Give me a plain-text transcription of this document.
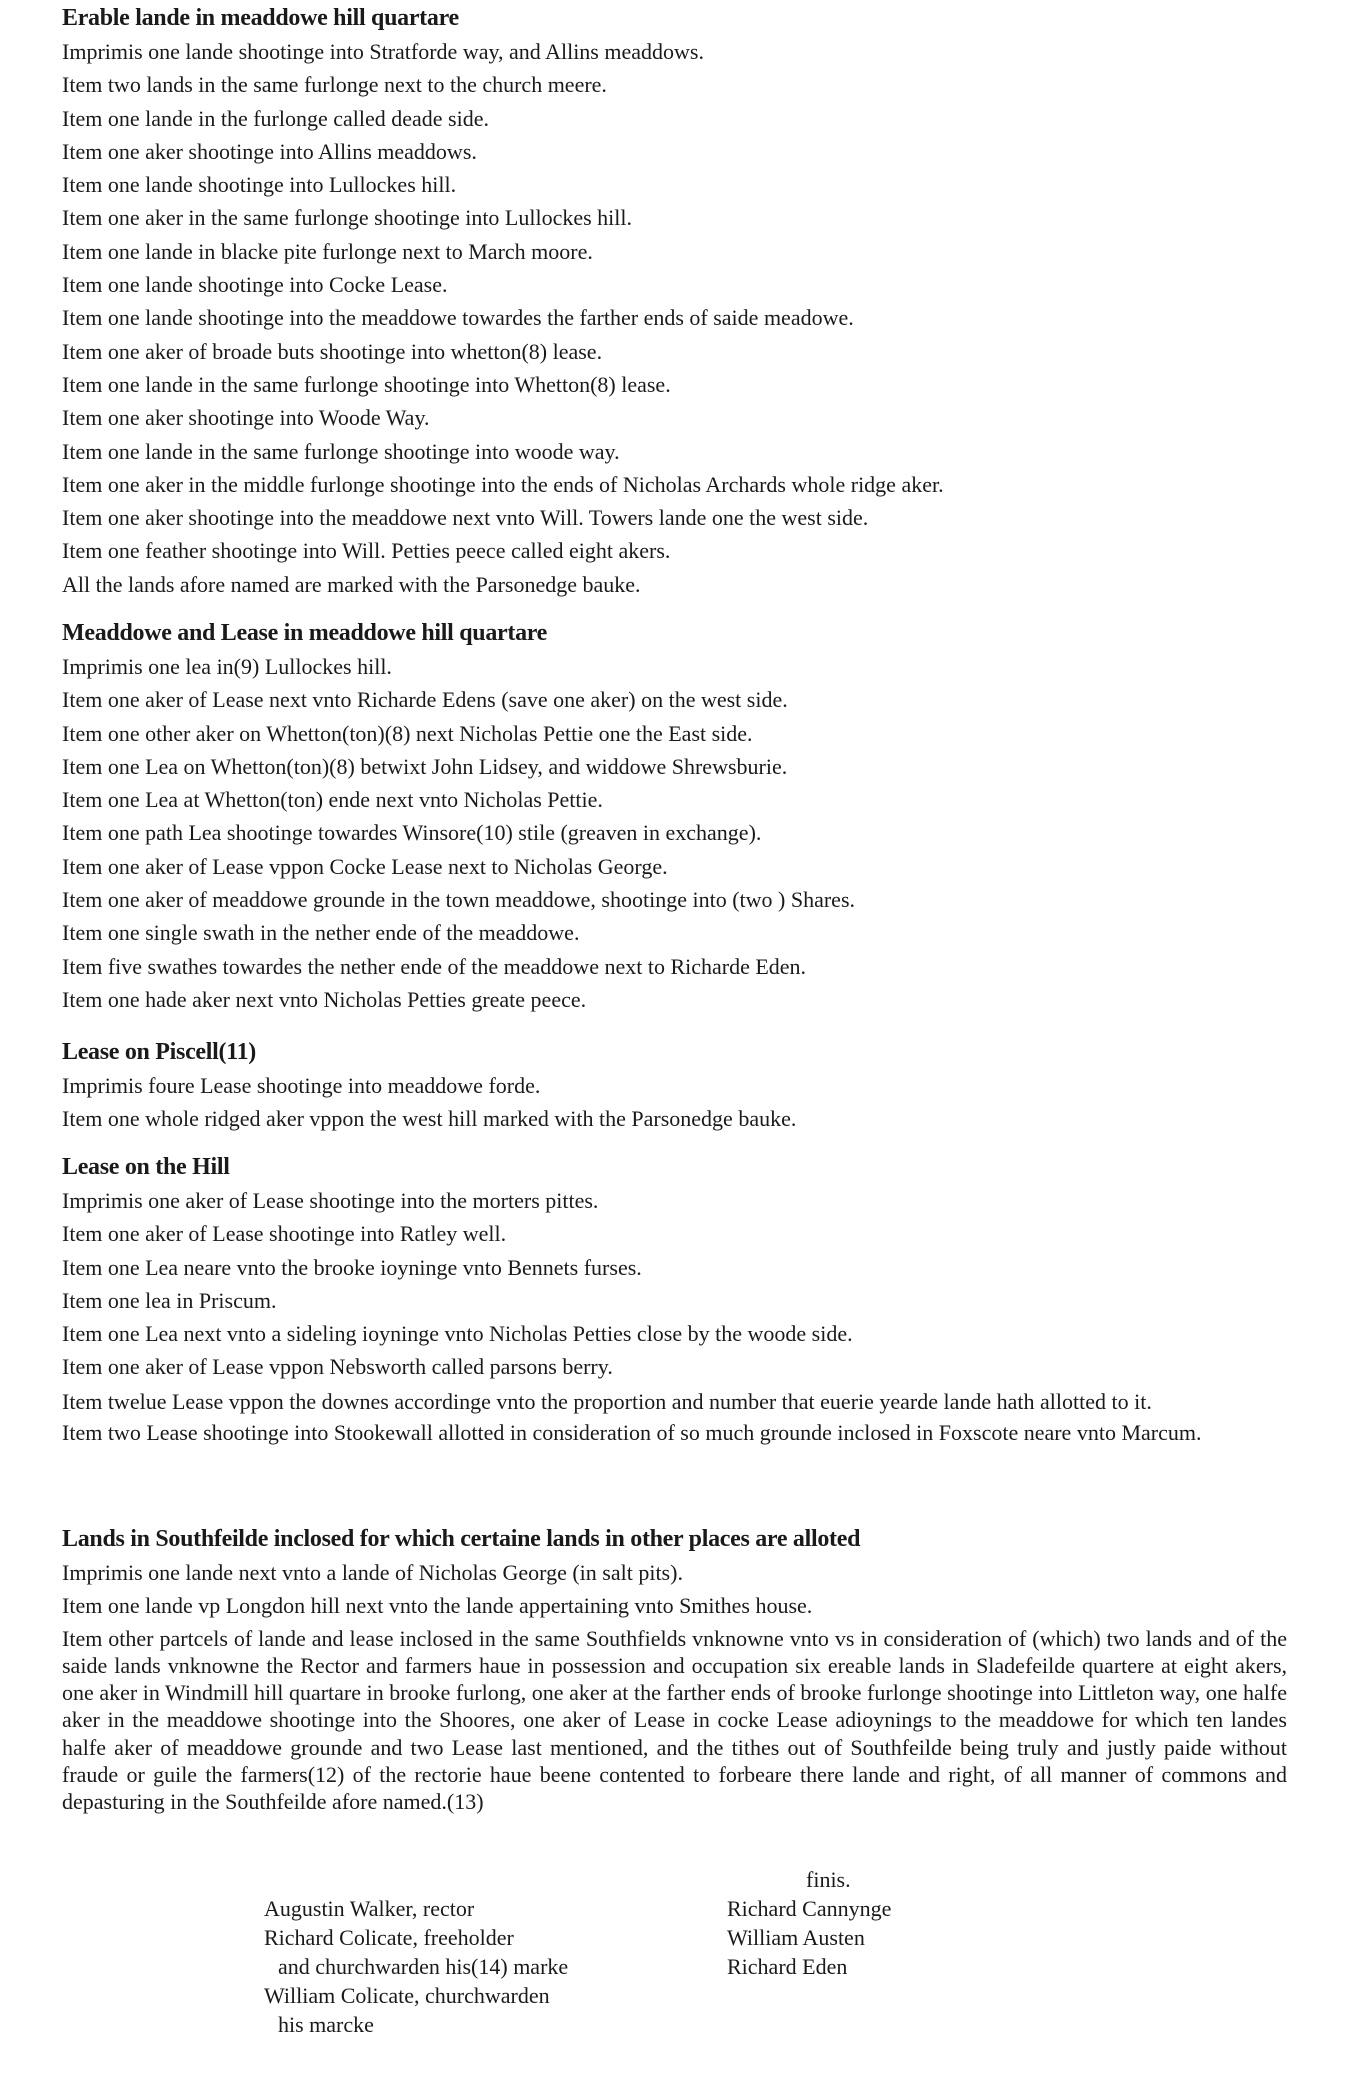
Erable lande in meaddowe hill quartare
Imprimis one lande shootinge into Stratforde way, and Allins meaddows.
Item two lands in the same furlonge next to the church meere.
Item one lande in the furlonge called deade side.
Item one aker shootinge into Allins meaddows.
Item one lande shootinge into Lullockes hill.
Item one aker in the same furlonge shootinge into Lullockes hill.
Item one lande in blacke pite furlonge next to March moore.
Item one lande shootinge into Cocke Lease.
Item one lande shootinge into the meaddowe towardes the farther ends of saide meadowe.
Item one aker of broade buts shootinge into whetton(8) lease.
Item one lande in the same furlonge shootinge into Whetton(8) lease.
Item one aker shootinge into Woode Way.
Item one lande in the same furlonge shootinge into woode way.
Item one aker in the middle furlonge shootinge into the ends of Nicholas Archards whole ridge aker.
Item one aker shootinge into the meaddowe next vnto Will. Towers lande one the west side.
Item one feather shootinge into Will. Petties peece called eight akers.
All the lands afore named are marked with the Parsonedge bauke.
Meaddowe and Lease in meaddowe hill quartare
Imprimis one lea in(9) Lullockes hill.
Item one aker of Lease next vnto Richarde Edens (save one aker) on the west side.
Item one other aker on Whetton(ton)(8) next Nicholas Pettie one the East side.
Item one Lea on Whetton(ton)(8) betwixt John Lidsey, and widdowe Shrewsburie.
Item one Lea at Whetton(ton) ende next vnto Nicholas Pettie.
Item one path Lea shootinge towardes Winsore(10) stile (greaven in exchange).
Item one aker of Lease vppon Cocke Lease next to Nicholas George.
Item one aker of meaddowe grounde in the town meaddowe, shootinge into (two ) Shares.
Item one single swath in the nether ende of the meaddowe.
Item five swathes towardes the nether ende of the meaddowe next to Richarde Eden.
Item one hade aker next vnto Nicholas Petties greate peece.
Lease on Piscell(11)
Imprimis foure Lease shootinge into meaddowe forde.
Item one whole ridged aker vppon the west hill marked with the Parsonedge bauke.
Lease on the Hill
Imprimis one aker of Lease shootinge into the morters pittes.
Item one aker of Lease shootinge into Ratley well.
Item one Lea neare vnto the brooke ioyninge vnto Bennets furses.
Item one lea in Priscum.
Item one Lea next vnto a sideling ioyninge vnto Nicholas Petties close by the woode side.
Item one aker of Lease vppon Nebsworth called parsons berry.
Item twelue Lease vppon the downes accordinge vnto the proportion and number that euerie yearde lande hath allotted to it.
Item two Lease shootinge into Stookewall allotted in consideration of so much grounde inclosed in Foxscote neare vnto Marcum.
Lands in Southfeilde inclosed for which certaine lands in other places are alloted
Imprimis one lande next vnto a lande of Nicholas George (in salt pits).
Item one lande vp Longdon hill next vnto the lande appertaining vnto Smithes house.
Item other partcels of lande and lease inclosed in the same Southfields vnknowne vnto vs in consideration of (which) two lands and of the saide lands vnknowne the Rector and farmers haue in possession and occupation six ereable lands in Sladefeilde quartere at eight akers, one aker in Windmill hill quartare in brooke furlong, one aker at the farther ends of brooke furlonge shootinge into Littleton way, one halfe aker in the meaddowe shootinge into the Shoores, one aker of Lease in cocke Lease adioynings to the meaddowe for which ten landes halfe aker of meaddowe grounde and two Lease last mentioned, and the tithes out of Southfeilde being truly and justly paide without fraude or guile the farmers(12) of the rectorie haue beene contented to forbeare there lande and right, of all manner of commons and depasturing in the Southfeilde afore named.(13)
finis.
Augustin Walker, rector
Richard Colicate, freeholder
and churchwarden his(14) marke
William Colicate, churchwarden
his marcke
Richard Cannynge
William Austen
Richard Eden
